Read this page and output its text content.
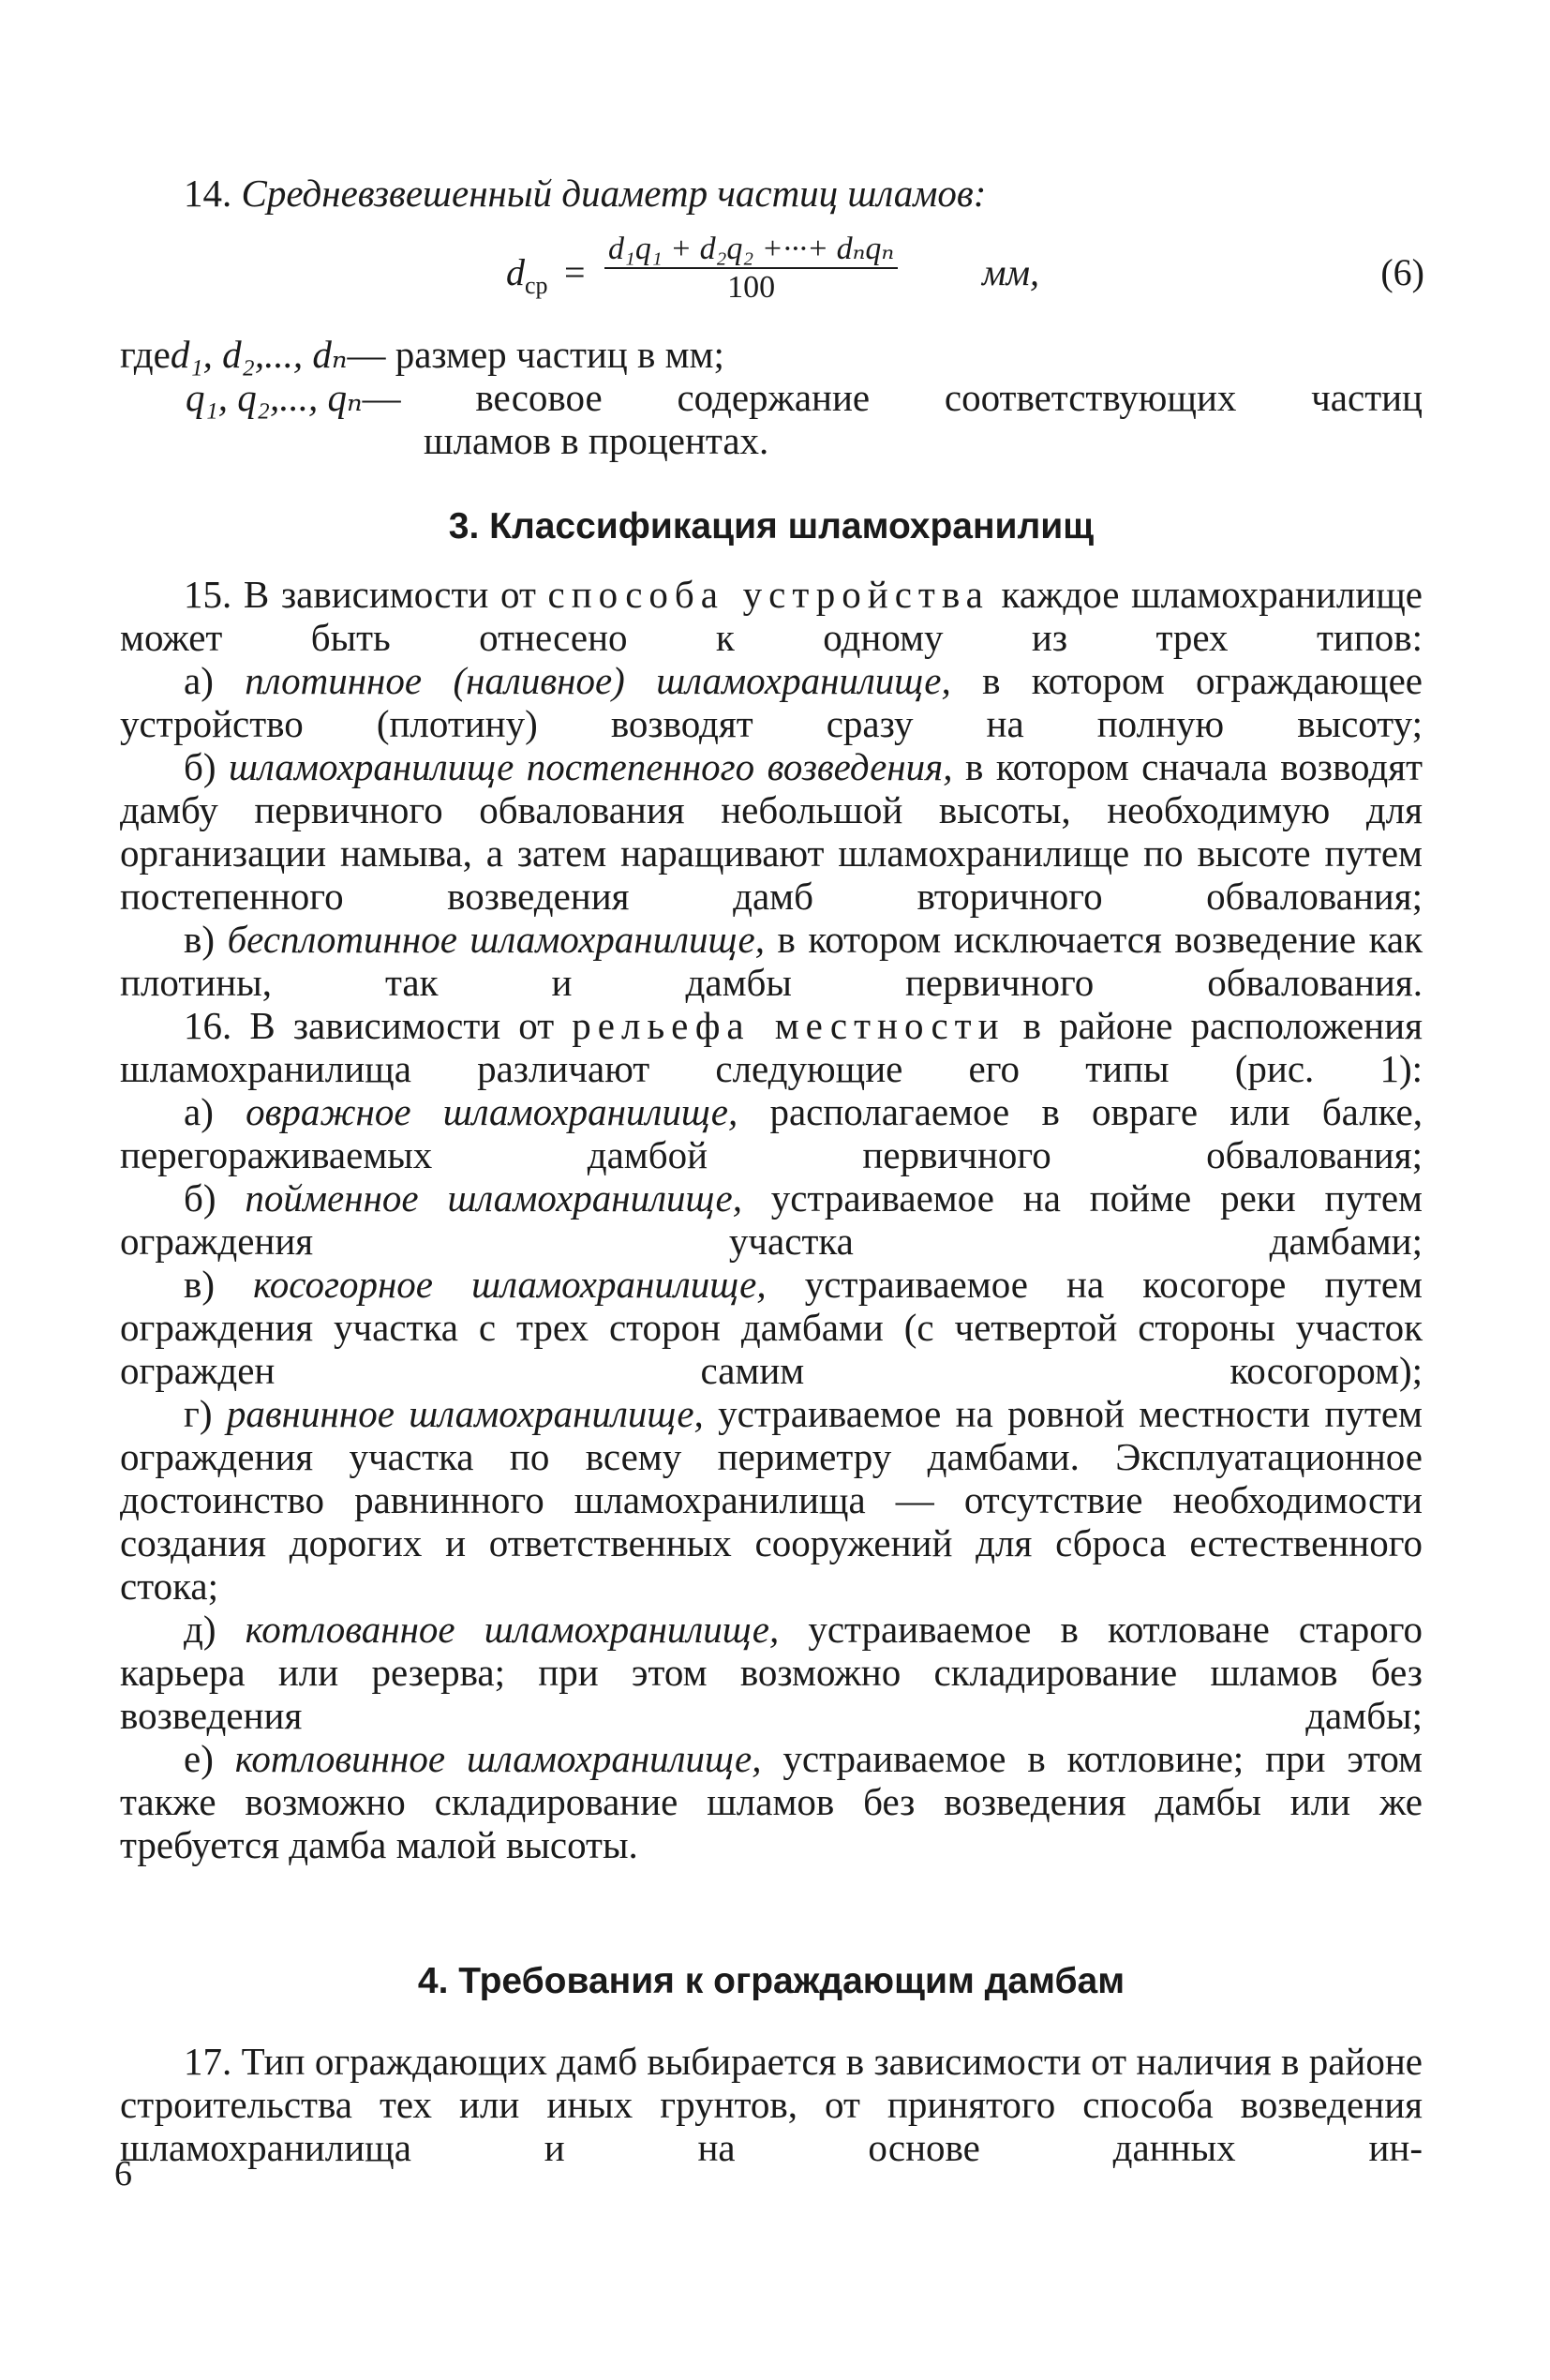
14. Средневзвешенный диаметр частиц шламов:

$d_{ср}$ =
d₁q₁ + d₂q₂ +···+ dₙqₙ
100	мм,	(6)
гдеd₁, d₂,..., dₙ— размер частиц в мм;
q₁, q₂,..., qₙ — весовое содержание соответствующих частиц
шламов в процентах.
3. Классификация шламохранилищ

15. В зависимости от способа устройства каждое шламохранилище может быть отнесено к одному из трех типов:

а) плотинное (наливное) шламохранилище, в котором ограждающее устройство (плотину) возводят сразу на полную высоту;

б) шламохранилище постепенного возведения, в котором сначала возводят дамбу первичного обвалования небольшой высоты, необходимую для организации намыва, а затем наращивают шламохранилище по высоте путем постепенного возведения дамб вторичного обвалования;

в) бесплотинное шламохранилище, в котором исключается возведение как плотины, так и дамбы первичного обвалования.

16. В зависимости от рельефа местности в районе расположения шламохранилища различают следующие его типы (рис. 1):

а) овражное шламохранилище, располагаемое в овраге или балке, перегораживаемых дамбой первичного обвалования;

б) пойменное шламохранилище, устраиваемое на пойме реки путем ограждения участка дамбами;

в) косогорное шламохранилище, устраиваемое на косогоре путем ограждения участка с трех сторон дамбами (с четвертой стороны участок огражден самим косогором);

г) равнинное шламохранилище, устраиваемое на ровной местности путем ограждения участка по всему периметру дамбами. Эксплуатационное достоинство равнинного шламохранилища — отсутствие необходимости создания дорогих и ответственных сооружений для сброса естественного стока;

д) котлованное шламохранилище, устраиваемое в котловане старого карьера или резерва; при этом возможно складирование шламов без возведения дамбы;

е) котловинное шламохранилище, устраиваемое в котловине; при этом также возможно складирование шламов без возведения дамбы или же требуется дамба малой высоты.

4. Требования к ограждающим дамбам

17. Тип ограждающих дамб выбирается в зависимости от наличия в районе строительства тех или иных грунтов, от принятого способа возведения шламохранилища и на основе данных ин-

6
